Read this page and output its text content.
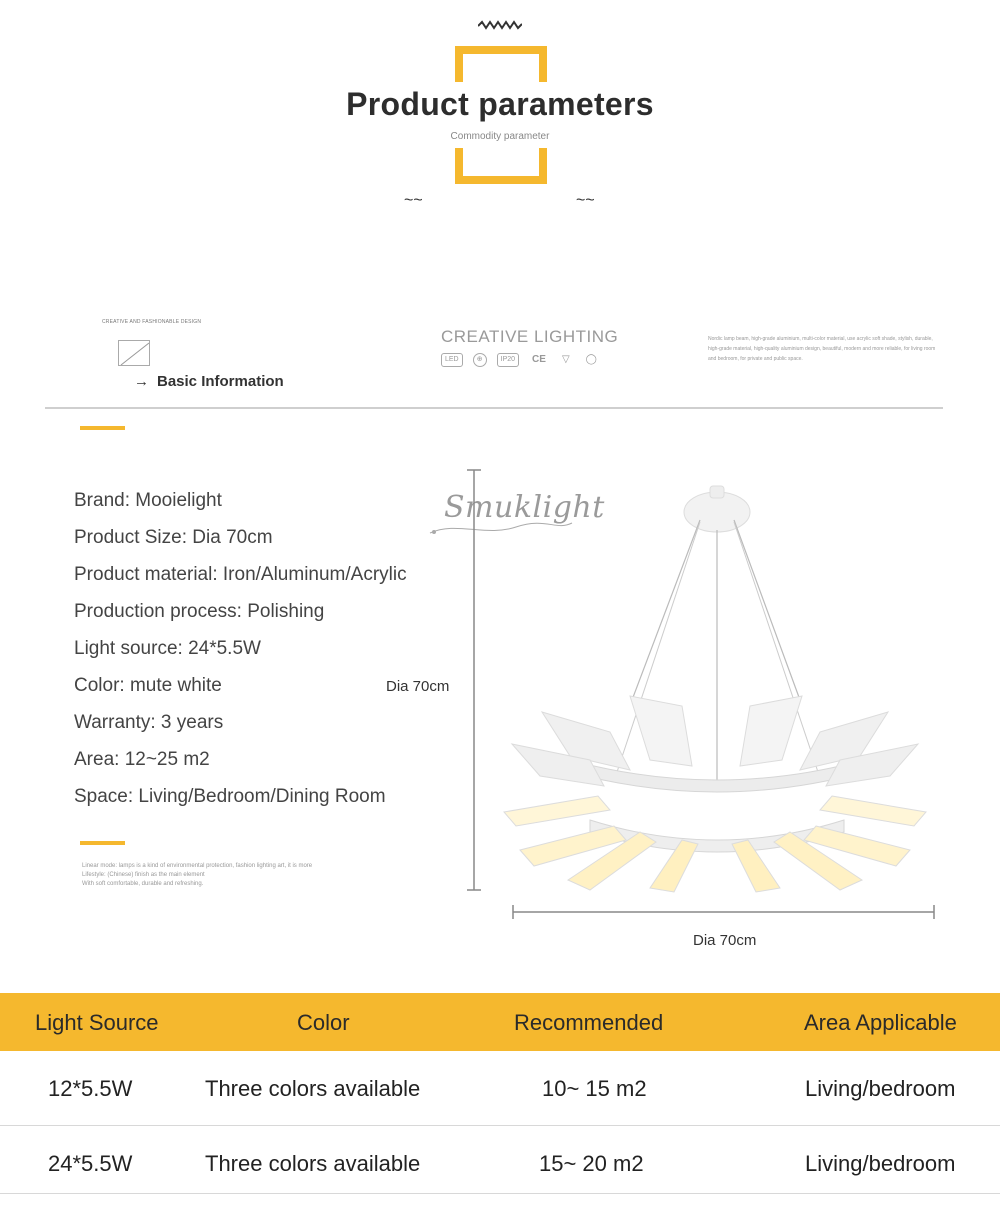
Product parameters
Commodity parameter
~~	~~
CREATIVE AND FASHIONABLE DESIGN
→ Basic Information
CREATIVE LIGHTING
LED	⊕	IP20	CE	▽	◯
Nordic lamp beam, high-grade aluminium, multi-color material, use acrylic soft shade, stylish, durable, high-grade material, high-quality aluminium design, beautiful, modern and more reliable, for living room and bedroom, for private and public space.
Brand: Mooielight
Product Size: Dia 70cm
Product material: Iron/Aluminum/Acrylic
Production process: Polishing
Light source: 24*5.5W
Color: mute white
Warranty: 3 years
Area: 12~25 m2
Space: Living/Bedroom/Dining Room
Linear mode: lamps is a kind of environmental protection, fashion lighting art, it is more
Lifestyle: (Chinese) finish as the main element
With soft comfortable, durable and refreshing.
Smuklight
Dia 70cm
Dia 70cm
Light Source	Color	Recommended	Area Applicable
12*5.5W	Three colors available	10~ 15 m2	Living/bedroom
24*5.5W	Three colors available	15~ 20 m2	Living/bedroom
